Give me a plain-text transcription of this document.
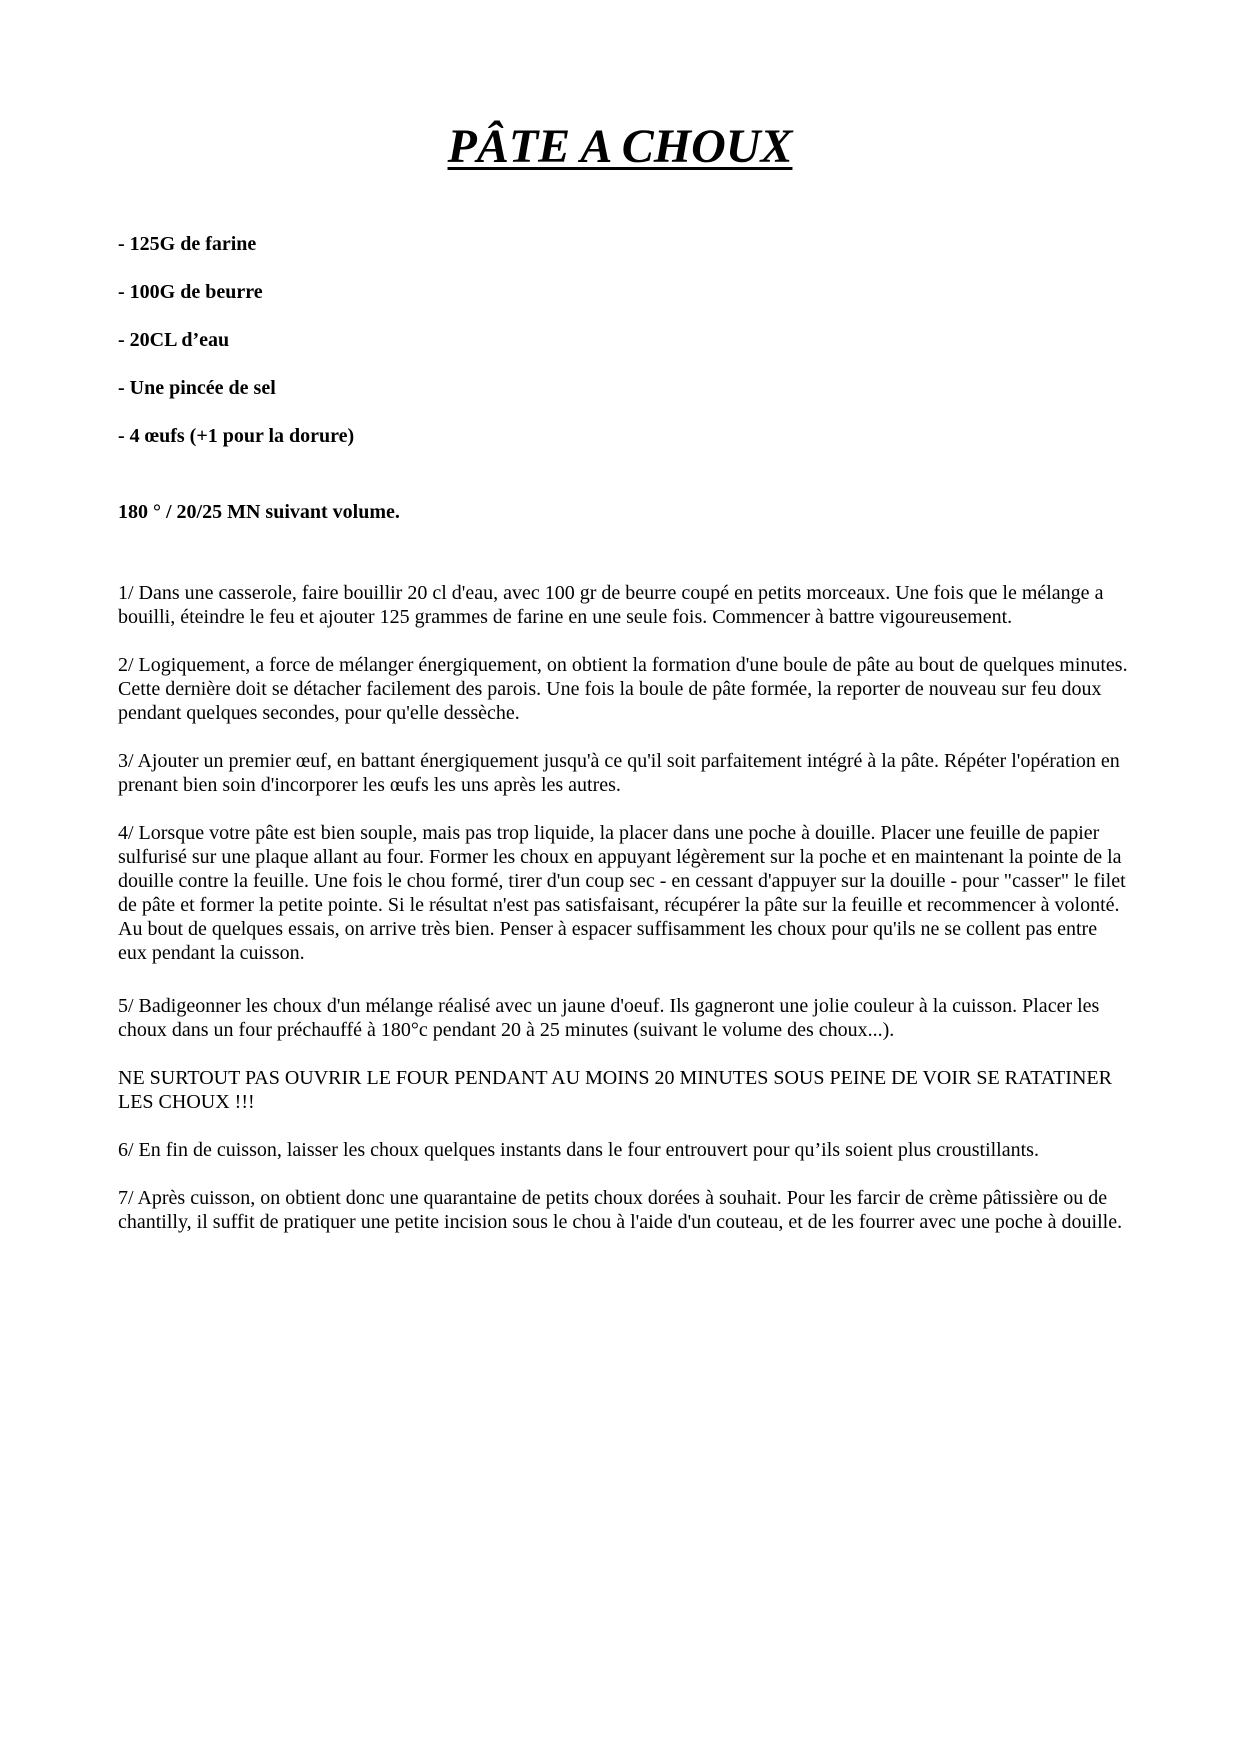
PÂTE A CHOUX
- 125G de farine
- 100G de beurre
- 20CL d’eau
- Une pincée de sel
- 4 œufs (+1 pour la dorure)

180 ° / 20/25 MN suivant volume.

1/ Dans une casserole, faire bouillir 20 cl d'eau, avec 100 gr de beurre coupé en petits morceaux. Une fois que le mélange a bouilli, éteindre le feu et ajouter 125 grammes de farine en une seule fois. Commencer à battre vigoureusement.

2/ Logiquement, a force de mélanger énergiquement, on obtient la formation d'une boule de pâte au bout de quelques minutes. Cette dernière doit se détacher facilement des parois. Une fois la boule de pâte formée, la reporter de nouveau sur feu doux pendant quelques secondes, pour qu'elle dessèche.

3/ Ajouter un premier œuf, en battant énergiquement jusqu'à ce qu'il soit parfaitement intégré à la pâte. Répéter l'opération en prenant bien soin d'incorporer les œufs les uns après les autres.

4/ Lorsque votre pâte est bien souple, mais pas trop liquide, la placer dans une poche à douille. Placer une feuille de papier sulfurisé sur une plaque allant au four. Former les choux en appuyant légèrement sur la poche et en maintenant la pointe de la douille contre la feuille. Une fois le chou formé, tirer d'un coup sec - en cessant d'appuyer sur la douille - pour "casser" le filet de pâte et former la petite pointe. Si le résultat n'est pas satisfaisant, récupérer la pâte sur la feuille et recommencer à volonté. Au bout de quelques essais, on arrive très bien. Penser à espacer suffisamment les choux pour qu'ils ne se collent pas entre eux pendant la cuisson.

5/ Badigeonner les choux d'un mélange réalisé avec un jaune d'oeuf. Ils gagneront une jolie couleur à la cuisson. Placer les choux dans un four préchauffé à 180°c pendant 20 à 25 minutes (suivant le volume des choux...).

NE SURTOUT PAS OUVRIR LE FOUR PENDANT AU MOINS 20 MINUTES SOUS PEINE DE VOIR SE RATATINER LES CHOUX !!!

6/ En fin de cuisson, laisser les choux quelques instants dans le four entrouvert pour qu’ils soient plus croustillants.

7/ Après cuisson, on obtient donc une quarantaine de petits choux dorées à souhait. Pour les farcir de crème pâtissière ou de chantilly, il suffit de pratiquer une petite incision sous le chou à l'aide d'un couteau, et de les fourrer avec une poche à douille.
